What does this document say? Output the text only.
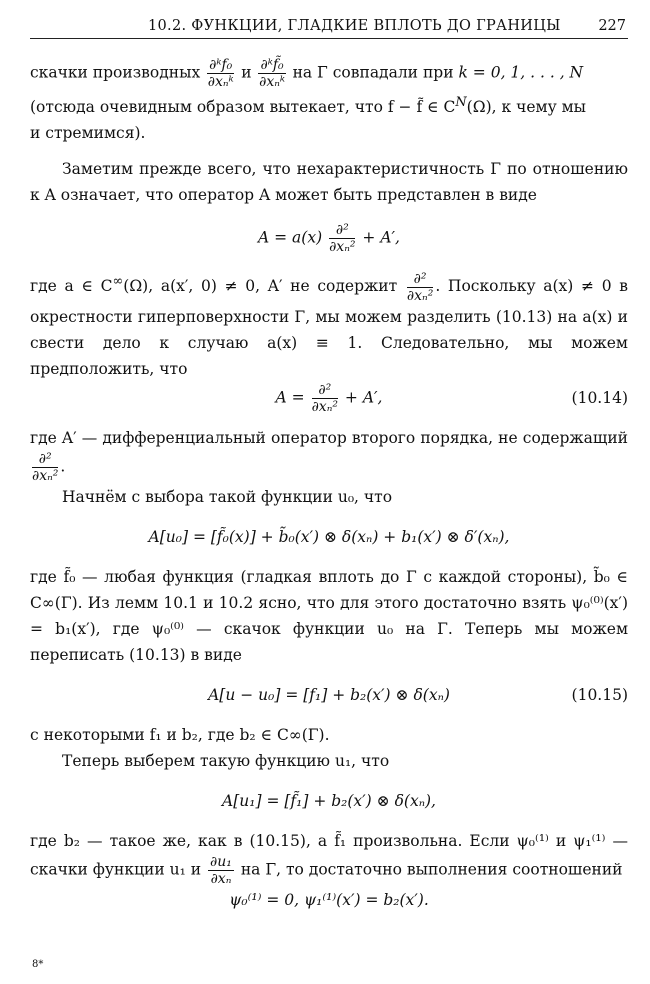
10.2. ФУНКЦИИ, ГЛАДКИЕ ВПЛОТЬ ДО ГРАНИЦЫ	227

скачки производных $\frac{\text{∂ᵏf₀}}{\text{∂xₙᵏ}}$ и $\frac{\text{∂ᵏf̃₀}}{\text{∂xₙᵏ}}$ на Γ совпадали при k = 0, 1, . . . , N
(отсюда очевидным образом вытекает, что f − f̃ ∈ $C^N(\Omega)$, к чему мы
и стремимся).

Заметим прежде всего, что нехарактеристичность Γ по отношению к A означает, что оператор A может быть представлен в виде

$A = a(x) \frac{\text{∂²}}{\text{∂xₙ²}} + A'$,

где a ∈ C∞(Ω), a(x′, 0) ≠ 0, A′ не содержит $\frac{\text{∂²}}{\text{∂xₙ²}}$ . Поскольку a(x) ≠ 0 в окрестности гиперповерхности Γ, мы можем разделить (10.13) на a(x) и свести дело к случаю a(x) ≡ 1. Следовательно, мы можем предположить, что

$A = \frac{\text{∂²}}{\text{∂xₙ²}} + A'$,	(10.14)

где A′ — дифференциальный оператор второго порядка, не содержащий
$\frac{\text{∂²}}{\text{∂xₙ²}}$ .

Начнём с выбора такой функции u₀, что

A[u₀] = [f̃₀(x)] + b̃₀(x′) ⊗ δ(xₙ) + b₁(x′) ⊗ δ′(xₙ),

где f̃₀ — любая функция (гладкая вплоть до Γ с каждой стороны), b̃₀ ∈ C∞(Γ). Из лемм 10.1 и 10.2 ясно, что для этого достаточно взять ψ₀⁽⁰⁾(x′) = b₁(x′), где ψ₀⁽⁰⁾ — скачок функции u₀ на Γ. Теперь мы можем переписать (10.13) в виде

A[u − u₀] = [f₁] + b₂(x′) ⊗ δ(xₙ)	(10.15)

с некоторыми f₁ и b₂, где b₂ ∈ C∞(Γ).

Теперь выберем такую функцию u₁, что

A[u₁] = [f̃₁] + b₂(x′) ⊗ δ(xₙ),

где b₂ — такое же, как в (10.15), а f̃₁ произвольна. Если ψ₀⁽¹⁾ и ψ₁⁽¹⁾ — скачки функции u₁ и $\frac{\text{∂u₁}}{\text{∂xₙ}}$ на Γ, то достаточно выполнения соотношений

ψ₀⁽¹⁾ = 0, ψ₁⁽¹⁾(x′) = b₂(x′).
8*
